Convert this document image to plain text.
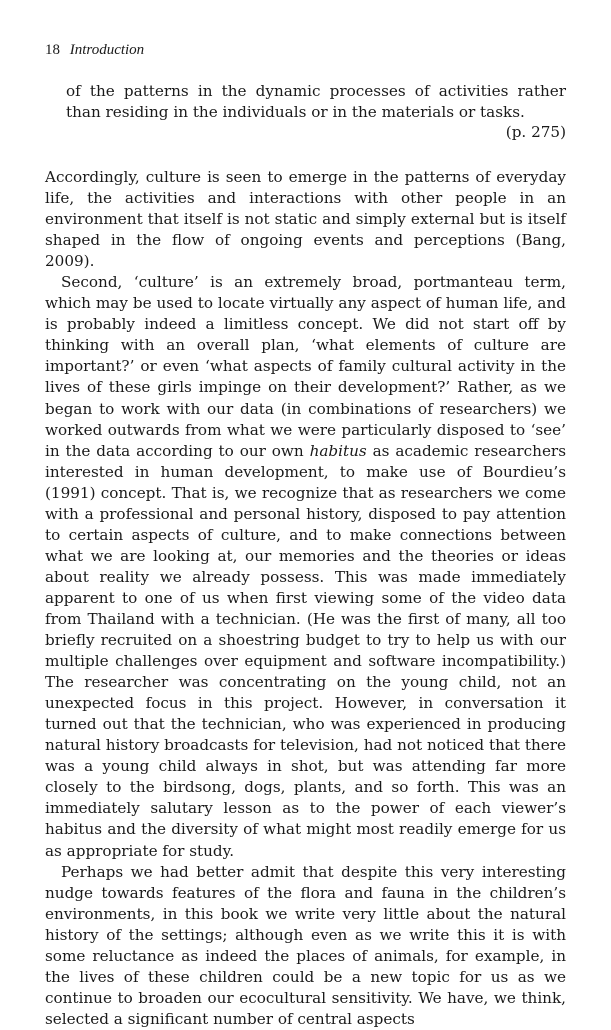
18 Introduction
of the patterns in the dynamic processes of activities rather than residing in the individuals or in the materials or tasks.
(p. 275)

Accordingly, culture is seen to emerge in the patterns of everyday life, the activities and interactions with other people in an environment that itself is not static and simply external but is itself shaped in the flow of ongoing events and perceptions (Bang, 2009).

Second, ‘culture’ is an extremely broad, portmanteau term, which may be used to locate virtually any aspect of human life, and is probably indeed a limitless concept. We did not start off by thinking with an overall plan, ‘what elements of culture are important?’ or even ‘what aspects of family cultural activity in the lives of these girls impinge on their development?’ Rather, as we began to work with our data (in combinations of researchers) we worked outwards from what we were particularly disposed to ‘see’ in the data according to our own habitus as academic researchers interested in human development, to make use of Bourdieu’s (1991) concept. That is, we recognize that as researchers we come with a professional and personal history, disposed to pay attention to certain aspects of culture, and to make connections between what we are looking at, our memories and the theories or ideas about reality we already possess. This was made immediately apparent to one of us when first viewing some of the video data from Thailand with a technician. (He was the first of many, all too briefly recruited on a shoestring budget to try to help us with our multiple challenges over equipment and software incompatibility.) The researcher was concentrating on the young child, not an unexpected focus in this project. However, in conversation it turned out that the technician, who was experienced in producing natural history broadcasts for television, had not noticed that there was a young child always in shot, but was attending far more closely to the birdsong, dogs, plants, and so forth. This was an immediately salutary lesson as to the power of each viewer’s habitus and the diversity of what might most readily emerge for us as appropriate for study.

Perhaps we had better admit that despite this very interesting nudge towards features of the flora and fauna in the children’s environments, in this book we write very little about the natural history of the settings; although even as we write this it is with some reluctance as indeed the places of animals, for example, in the lives of these children could be a new topic for us as we continue to broaden our ecocultural sensitivity. We have, we think, selected a significant number of central aspects
